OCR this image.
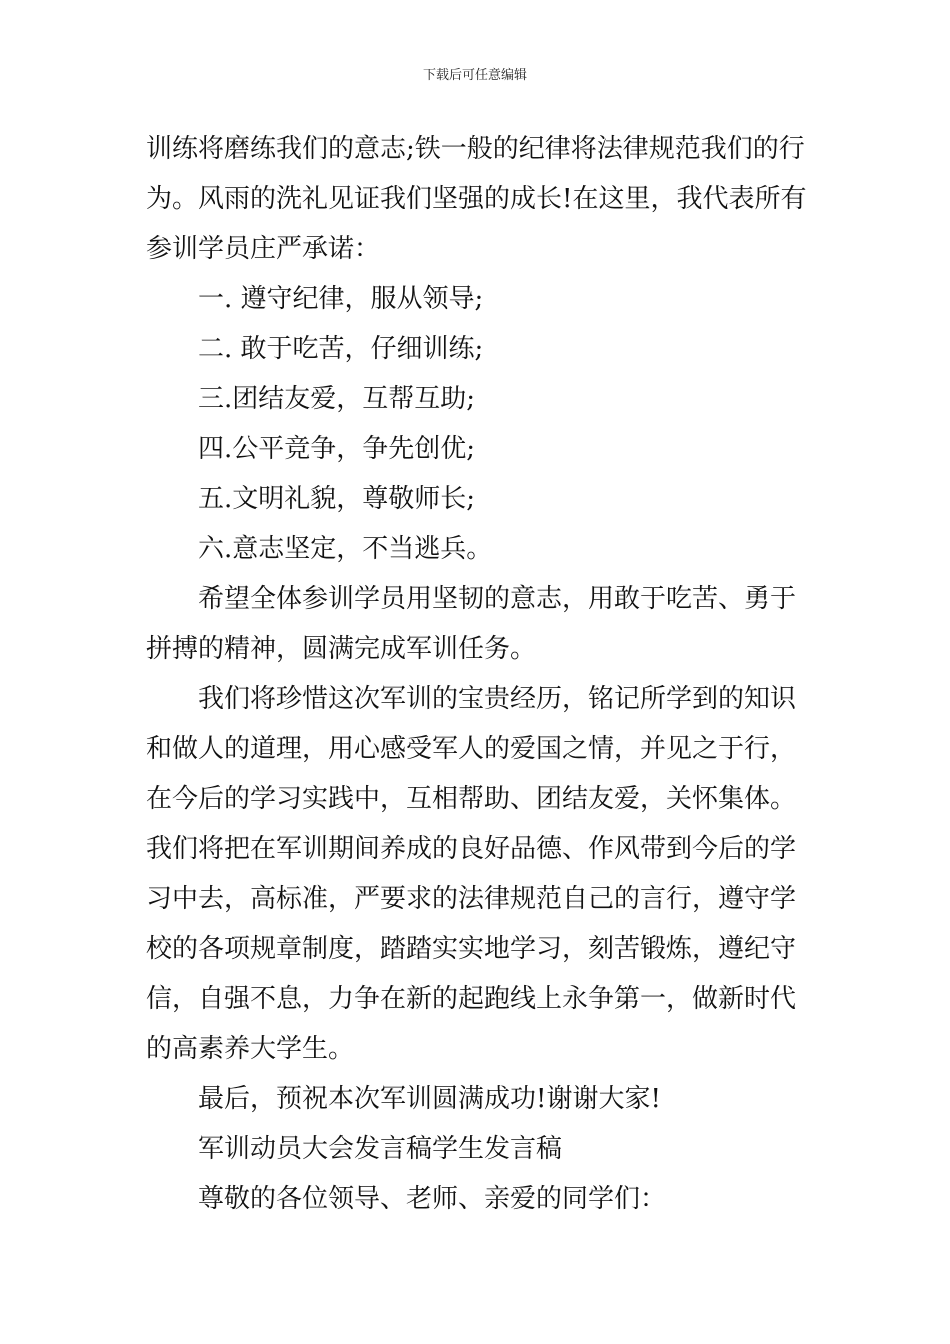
下载后可任意编辑
训练将磨练我们的意志;铁一般的纪律将法律规范我们的行
为。风雨的洗礼见证我们坚强的成长!在这里，我代表所有
参训学员庄严承诺：
一. 遵守纪律，服从领导;
二. 敢于吃苦，仔细训练;
三.团结友爱，互帮互助;
四.公平竞争，争先创优;
五.文明礼貌，尊敬师长;
六.意志坚定，不当逃兵。
希望全体参训学员用坚韧的意志，用敢于吃苦、勇于
拼搏的精神，圆满完成军训任务。
我们将珍惜这次军训的宝贵经历，铭记所学到的知识
和做人的道理，用心感受军人的爱国之情，并见之于行，
在今后的学习实践中，互相帮助、团结友爱，关怀集体。
我们将把在军训期间养成的良好品德、作风带到今后的学
习中去，高标准，严要求的法律规范自己的言行，遵守学
校的各项规章制度，踏踏实实地学习，刻苦锻炼，遵纪守
信，自强不息，力争在新的起跑线上永争第一，做新时代
的高素养大学生。
最后，预祝本次军训圆满成功!谢谢大家!
军训动员大会发言稿学生发言稿
尊敬的各位领导、老师、亲爱的同学们：
